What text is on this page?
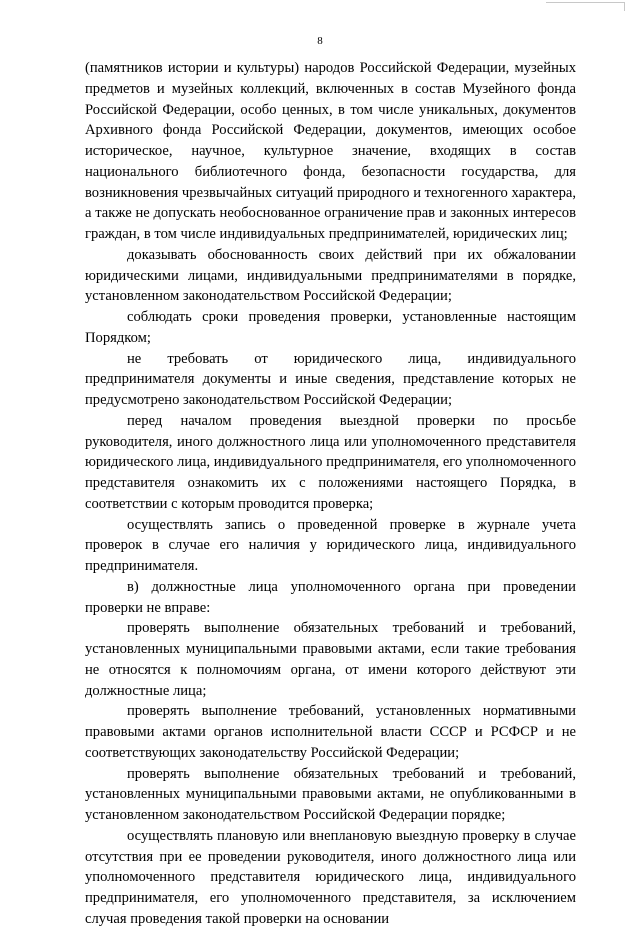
8

(памятников истории и культуры) народов Российской Федерации, музейных предметов и музейных коллекций, включенных в состав Музейного фонда Российской Федерации, особо ценных, в том числе уникальных, документов Архивного фонда Российской Федерации, документов, имеющих особое историческое, научное, культурное значение, входящих в состав национального библиотечного фонда, безопасности государства, для возникновения чрезвычайных ситуаций природного и техногенного характера, а также не допускать необоснованное ограничение прав и законных интересов граждан, в том числе индивидуальных предпринимателей, юридических лиц;

доказывать обоснованность своих действий при их обжаловании юридическими лицами, индивидуальными предпринимателями в порядке, установленном законодательством Российской Федерации;

соблюдать сроки проведения проверки, установленные настоящим Порядком;

не требовать от юридического лица, индивидуального предпринимателя документы и иные сведения, представление которых не предусмотрено законодательством Российской Федерации;

перед началом проведения выездной проверки по просьбе руководителя, иного должностного лица или уполномоченного представителя юридического лица, индивидуального предпринимателя, его уполномоченного представителя ознакомить их с положениями настоящего Порядка, в соответствии с которым проводится проверка;

осуществлять запись о проведенной проверке в журнале учета проверок в случае его наличия у юридического лица, индивидуального предпринимателя.

в) должностные лица уполномоченного органа при проведении проверки не вправе:

проверять выполнение обязательных требований и требований, установленных муниципальными правовыми актами, если такие требования не относятся к полномочиям органа, от имени которого действуют эти должностные лица;

проверять выполнение требований, установленных нормативными правовыми актами органов исполнительной власти СССР и РСФСР и не соответствующих законодательству Российской Федерации;

проверять выполнение обязательных требований и требований, установленных муниципальными правовыми актами, не опубликованными в установленном законодательством Российской Федерации порядке;

осуществлять плановую или внеплановую выездную проверку в случае отсутствия при ее проведении руководителя, иного должностного лица или уполномоченного представителя юридического лица, индивидуального предпринимателя, его уполномоченного представителя, за исключением случая проведения такой проверки на основании
